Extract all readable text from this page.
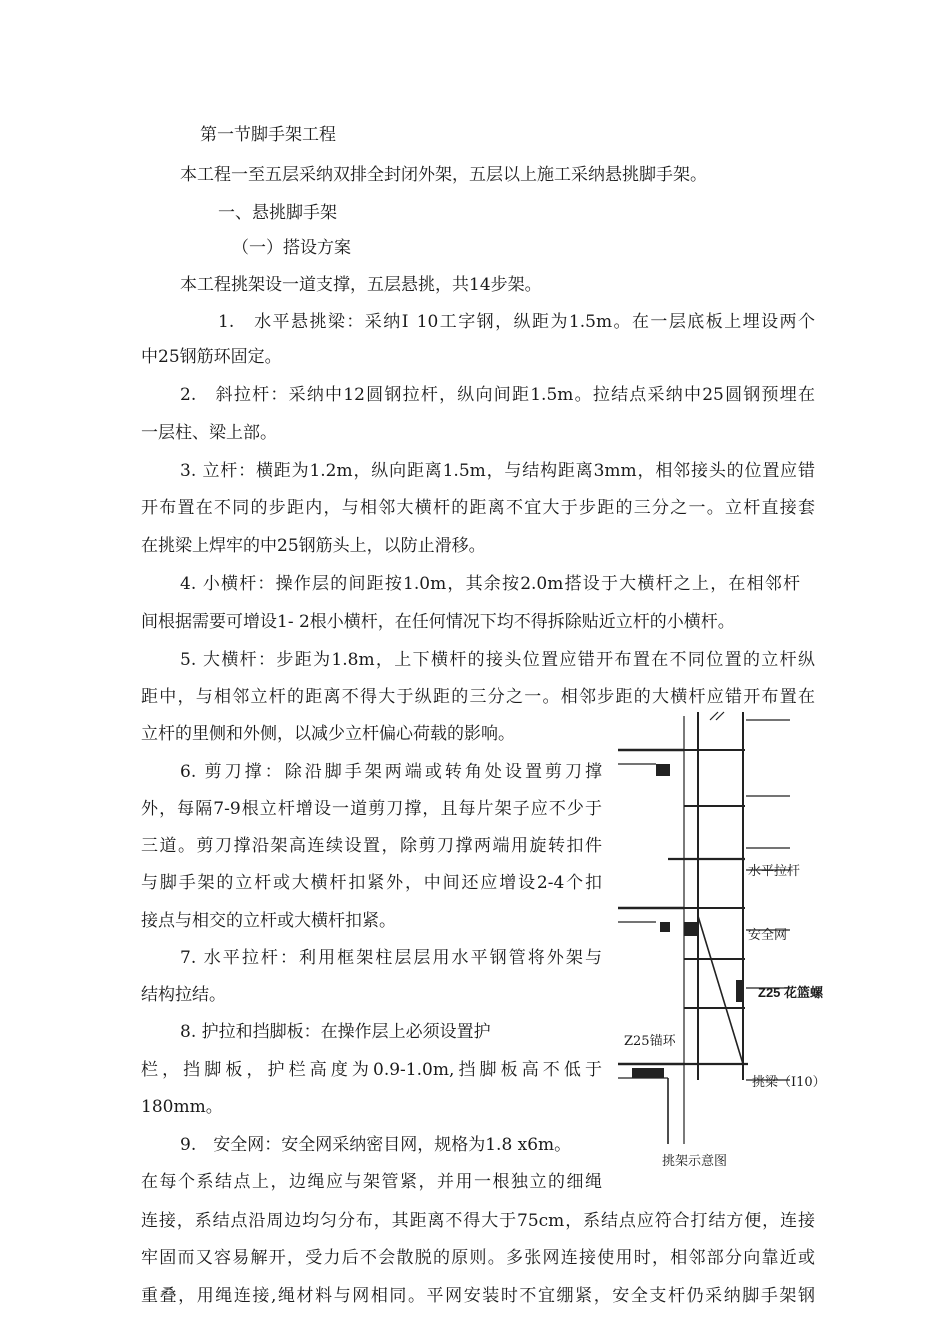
第一节脚手架工程
本工程一至五层采纳双排全封闭外架，五层以上施工采纳悬挑脚手架。
一、悬挑脚手架
（一）搭设方案
本工程挑架设一道支撑，五层悬挑，共14步架。
1.　水平悬挑梁：采纳Ⅰ 10工字钢，纵距为1.5m。在一层底板上埋设两个
中25钢筋环固定。
2.　斜拉杆：采纳中12圆钢拉杆，纵向间距1.5m。拉结点采纳中25圆钢预埋在
一层柱、梁上部。
3. 立杆：横距为1.2m，纵向距离1.5m，与结构距离3mm，相邻接头的位置应错
开布置在不同的步距内，与相邻大横杆的距离不宜大于步距的三分之一。立杆直接套
在挑梁上焊牢的中25钢筋头上，以防止滑移。
4. 小横杆：操作层的间距按1.0m，其余按2.0m搭设于大横杆之上，在相邻杆
间根据需要可增设1- 2根小横杆，在任何情况下均不得拆除贴近立杆的小横杆。
5. 大横杆：步距为1.8m，上下横杆的接头位置应错开布置在不同位置的立杆纵
距中，与相邻立杆的距离不得大于纵距的三分之一。相邻步距的大横杆应错开布置在
立杆的里侧和外侧，以减少立杆偏心荷载的影响。
6. 剪刀撑：除沿脚手架两端或转角处设置剪刀撑
外，每隔7-9根立杆增设一道剪刀撑，且每片架子应不少于
三道。剪刀撑沿架高连续设置，除剪刀撑两端用旋转扣件
与脚手架的立杆或大横杆扣紧外，中间还应增设2-4个扣
接点与相交的立杆或大横杆扣紧。
7. 水平拉杆：利用框架柱层层用水平钢管将外架与
结构拉结。
8. 护拉和挡脚板：在操作层上必须设置护
栏，挡脚板，护栏高度为0.9-1.0m,挡脚板高不低于
180mm。
9.　安全网：安全网采纳密目网，规格为1.8 x6m。
在每个系结点上，边绳应与架管紧，并用一根独立的细绳
连接，系结点沿周边均匀分布，其距离不得大于75cm，系结点应符合打结方便，连接
牢固而又容易解开，受力后不会散脱的原则。多张网连接使用时，相邻部分向靠近或
重叠，用绳连接,绳材料与网相同。平网安装时不宜绷紧，安全支杆仍采纳脚手架钢
水平拉杆
安全网
Z25 花篮螺
Z25锚环
挑梁（I10）
挑架示意图
